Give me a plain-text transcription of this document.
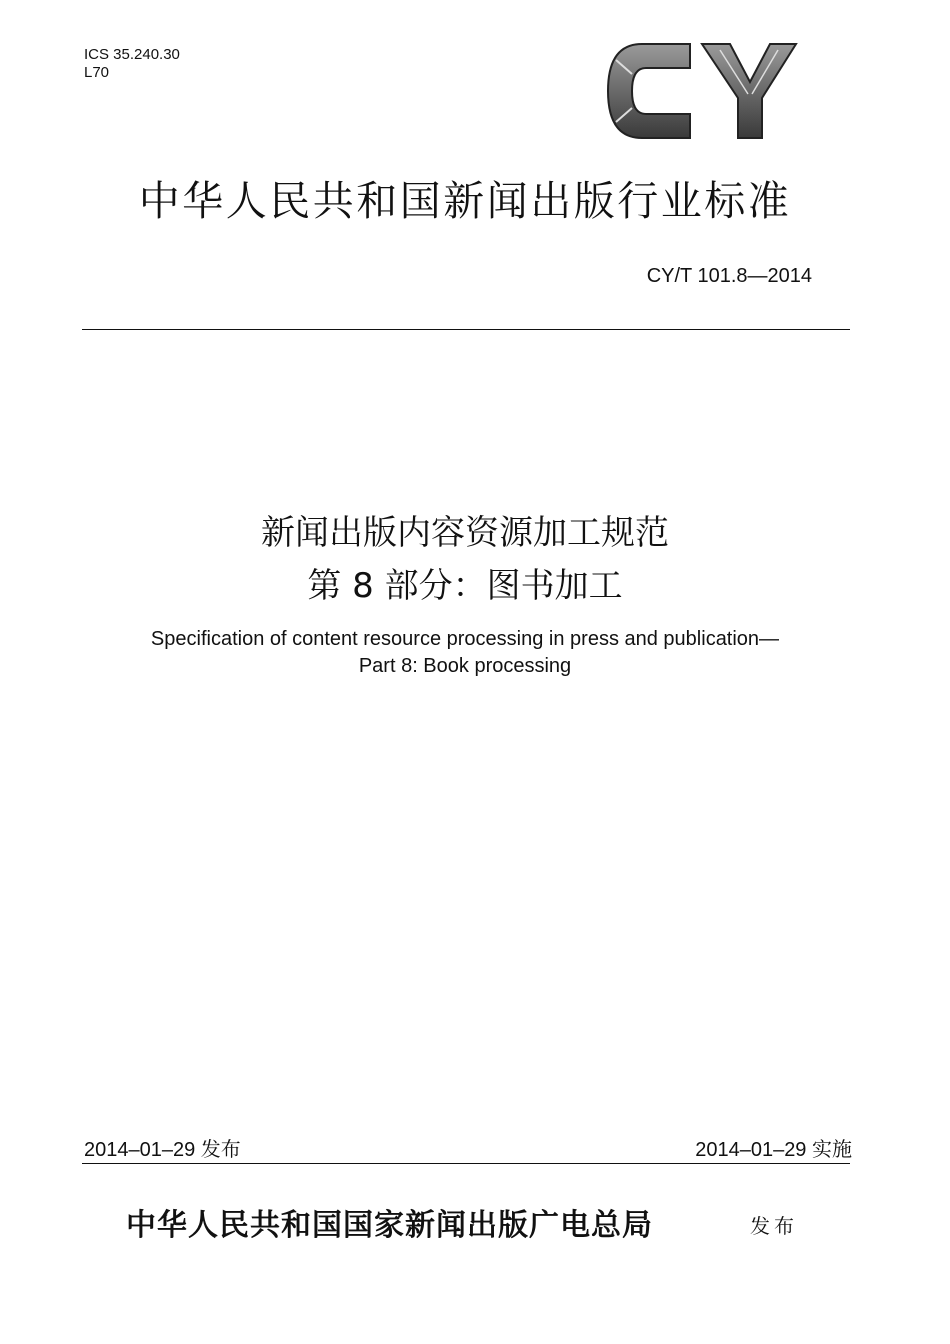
ICS 35.240.30
L70
中华人民共和国新闻出版行业标准
CY/T 101.8—2014
新闻出版内容资源加工规范
第 8 部分：图书加工
Specification of content resource processing in press and publication—
Part 8: Book processing
2014–01–29 发布	2014–01–29 实施
中华人民共和国国家新闻出版广电总局	发布
